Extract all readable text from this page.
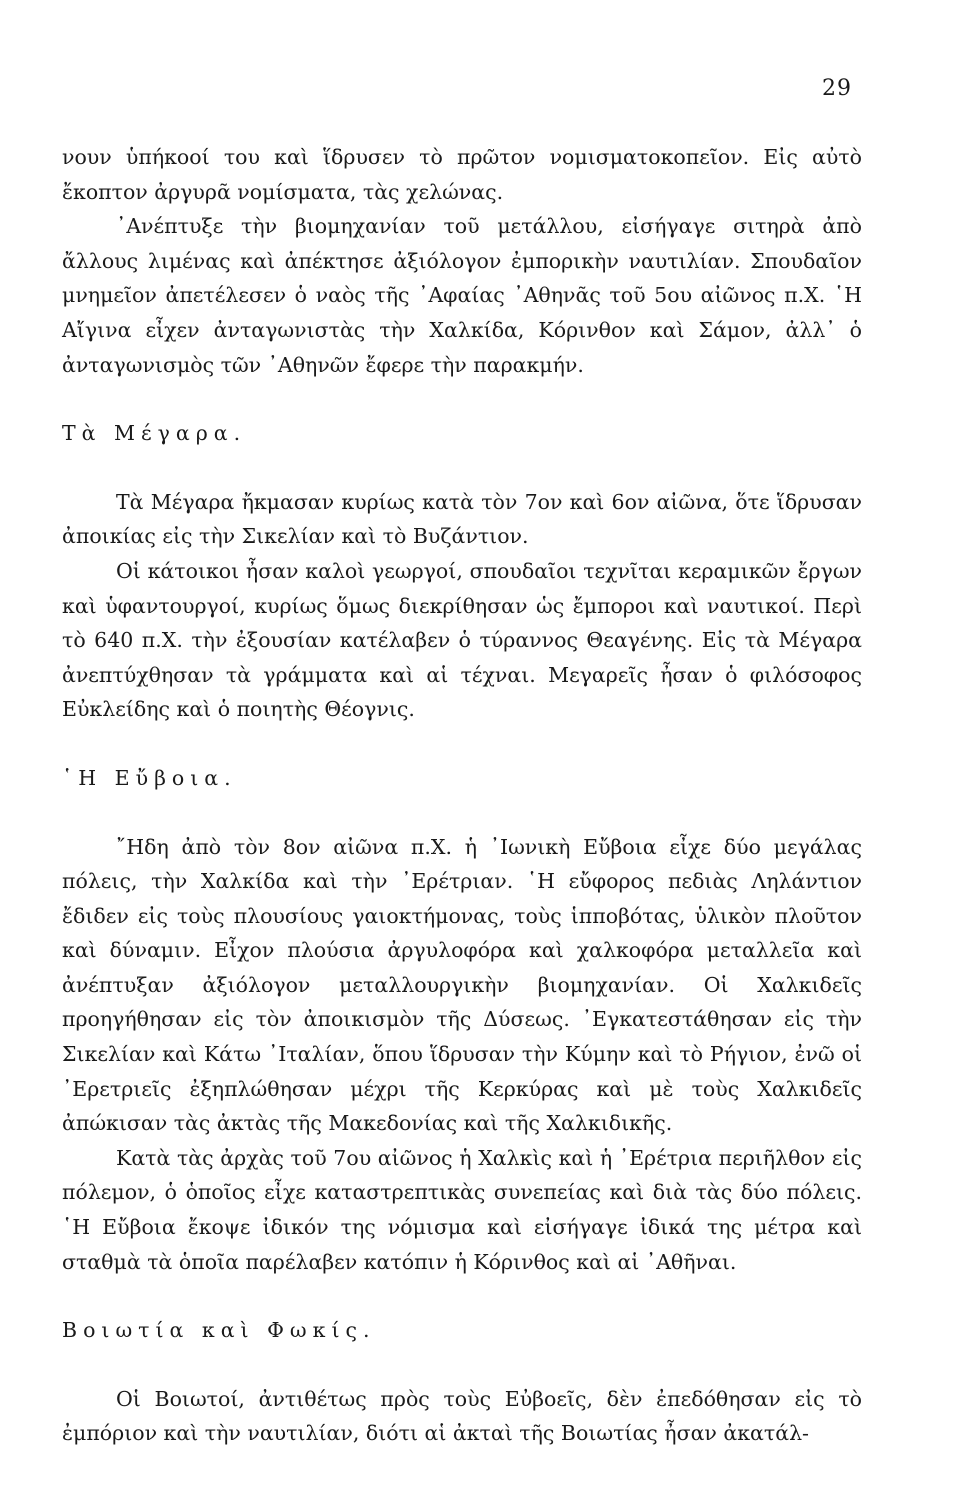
29

νουν ὑπήκοοί του καὶ ἵδρυσεν τὸ πρῶτον νομισματοκοπεῖον. Εἰς αὐτὸ ἔκοπτον ἀργυρᾶ νομίσματα, τὰς χελώνας.

᾿Ανέπτυξε τὴν βιομηχανίαν τοῦ μετάλλου, εἰσήγαγε σιτηρὰ ἀπὸ ἄλλους λιμένας καὶ ἀπέκτησε ἀξιόλογον ἐμπορικὴν ναυτιλίαν. Σπουδαῖον μνημεῖον ἀπετέλεσεν ὁ ναὸς τῆς ᾿Αφαίας ᾿Αθηνᾶς τοῦ 5ου αἰῶνος π.Χ. ῾Η Αἴγινα εἶχεν ἀνταγωνιστὰς τὴν Χαλκίδα, Κόρινθον καὶ Σάμον, ἀλλ᾿ ὁ ἀνταγωνισμὸς τῶν ᾿Αθηνῶν ἔφερε τὴν παρακμήν.

Τὰ Μέγαρα.

Τὰ Μέγαρα ἤκμασαν κυρίως κατὰ τὸν 7ον καὶ 6ον αἰῶνα, ὅτε ἵδρυσαν ἀποικίας εἰς τὴν Σικελίαν καὶ τὸ Βυζάντιον.

Οἱ κάτοικοι ἦσαν καλοὶ γεωργοί, σπουδαῖοι τεχνῖται κεραμικῶν ἔργων καὶ ὑφαντουργοί, κυρίως ὅμως διεκρίθησαν ὡς ἔμποροι καὶ ναυτικοί. Περὶ τὸ 640 π.Χ. τὴν ἐξουσίαν κατέλαβεν ὁ τύραννος Θεαγένης. Εἰς τὰ Μέγαρα ἀνεπτύχθησαν τὰ γράμματα καὶ αἱ τέχναι. Μεγαρεῖς ἦσαν ὁ φιλόσοφος Εὐκλείδης καὶ ὁ ποιητὴς Θέογνις.

῾Η Εὔβοια.

῎Ηδη ἀπὸ τὸν 8ον αἰῶνα π.Χ. ἡ ᾿Ιωνικὴ Εὔβοια εἶχε δύο μεγάλας πόλεις, τὴν Χαλκίδα καὶ τὴν ᾿Ερέτριαν. ῾Η εὔφορος πεδιὰς Ληλάντιον ἔδιδεν εἰς τοὺς πλουσίους γαιοκτήμονας, τοὺς ἱπποβότας, ὑλικὸν πλοῦτον καὶ δύναμιν. Εἶχον πλούσια ἀργυλοφόρα καὶ χαλκοφόρα μεταλλεῖα καὶ ἀνέπτυξαν ἀξιόλογον μεταλλουργικὴν βιομηχανίαν. Οἱ Χαλκιδεῖς προηγήθησαν εἰς τὸν ἀποικισμὸν τῆς Δύσεως. ᾿Εγκατεστάθησαν εἰς τὴν Σικελίαν καὶ Κάτω ᾿Ιταλίαν, ὅπου ἵδρυσαν τὴν Κύμην καὶ τὸ Ρήγιον, ἐνῶ οἱ ᾿Ερετριεῖς ἐξηπλώθησαν μέχρι τῆς Κερκύρας καὶ μὲ τοὺς Χαλκιδεῖς ἀπώκισαν τὰς ἀκτὰς τῆς Μακεδονίας καὶ τῆς Χαλκιδικῆς.

Κατὰ τὰς ἀρχὰς τοῦ 7ου αἰῶνος ἡ Χαλκὶς καὶ ἡ ᾿Ερέτρια περιῆλθον εἰς πόλεμον, ὁ ὁποῖος εἶχε καταστρεπτικὰς συνεπείας καὶ διὰ τὰς δύο πόλεις. ῾Η Εὔβοια ἔκοψε ἰδικόν της νόμισμα καὶ εἰσήγαγε ἰδικά της μέτρα καὶ σταθμὰ τὰ ὁποῖα παρέλαβεν κατόπιν ἡ Κόρινθος καὶ αἱ ᾿Αθῆναι.

Βοιωτία καὶ Φωκίς.

Οἱ Βοιωτοί, ἀντιθέτως πρὸς τοὺς Εὐβοεῖς, δὲν ἐπεδόθησαν εἰς τὸ ἐμπόριον καὶ τὴν ναυτιλίαν, διότι αἱ ἀκταὶ τῆς Βοιωτίας ἦσαν ἀκατάλ-
